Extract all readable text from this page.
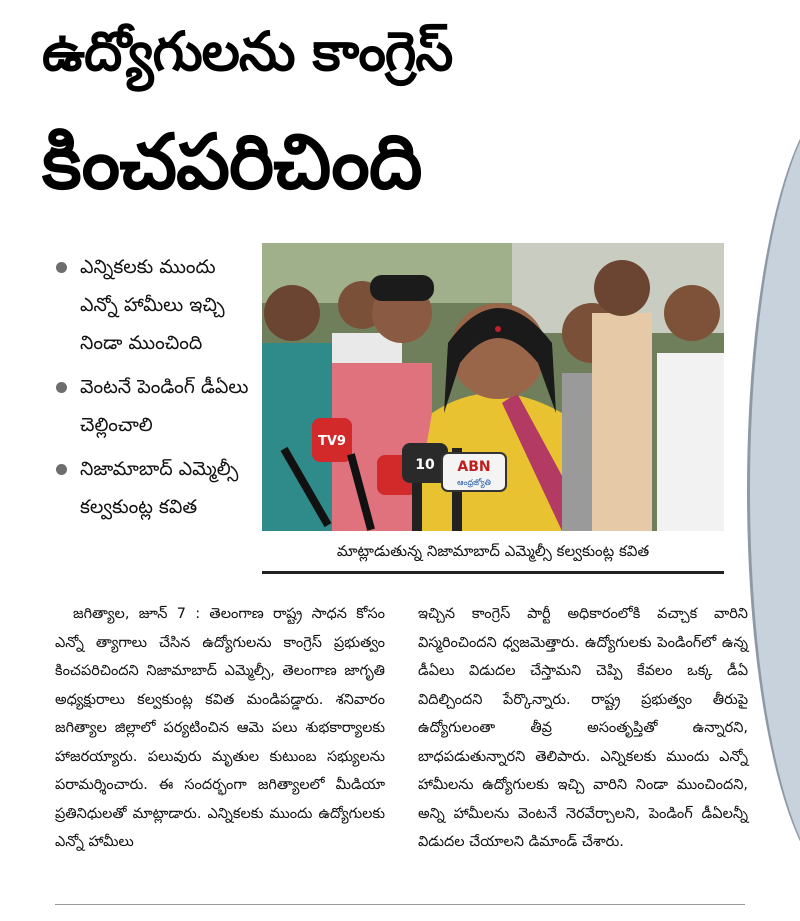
ఉద్యోగులను కాంగ్రెస్
కించపరిచింది
ఎన్నికలకు ముందు ఎన్నో హామీలు ఇచ్చి నిండా ముంచింది
వెంటనే పెండింగ్ డీఏలు చెల్లించాలి
నిజామాబాద్ ఎమ్మెల్సీ కల్వకుంట్ల కవిత
TV9
10 ABN
ఆంధ్రజ్యోతి
మాట్లాడుతున్న నిజామాబాద్ ఎమ్మెల్సీ కల్వకుంట్ల కవిత

జగిత్యాల, జూన్ 7 : తెలంగాణ రాష్ట్ర సాధన కోసం ఎన్నో త్యాగాలు చేసిన ఉద్యోగులను కాంగ్రెస్ ప్రభుత్వం కించపరిచిందని నిజామాబాద్ ఎమ్మెల్సీ, తెలంగాణ జాగృతి అధ్యక్షురాలు కల్వకుంట్ల కవిత మండిపడ్డారు. శనివారం జగిత్యాల జిల్లాలో పర్యటించిన ఆమె పలు శుభకార్యాలకు హాజరయ్యారు. పలువురు మృతుల కుటుంబ సభ్యులను పరామర్శించారు. ఈ సందర్భంగా జగిత్యాలలో మీడియా ప్రతినిధులతో మాట్లాడారు. ఎన్నికలకు ముందు ఉద్యోగులకు ఎన్నో హామీలు

ఇచ్చిన కాంగ్రెస్ పార్టీ అధికారంలోకి వచ్చాక వారిని విస్మరించిందని ధ్వజమెత్తారు. ఉద్యోగులకు పెండింగ్‌లో ఉన్న డీఏలు విడుదల చేస్తామని చెప్పి కేవలం ఒక్క డీఏ విదిల్చిందని పేర్కొన్నారు. రాష్ట్ర ప్రభుత్వం తీరుపై ఉద్యోగులంతా తీవ్ర అసంతృప్తితో ఉన్నారని, బాధపడుతున్నారని తెలిపారు. ఎన్నికలకు ముందు ఎన్నో హామీలను ఉద్యోగులకు ఇచ్చి వారిని నిండా ముంచిందని, అన్ని హామీలను వెంటనే నెరవేర్చాలని, పెండింగ్ డీఏలన్నీ విడుదల చేయాలని డిమాండ్ చేశారు.
